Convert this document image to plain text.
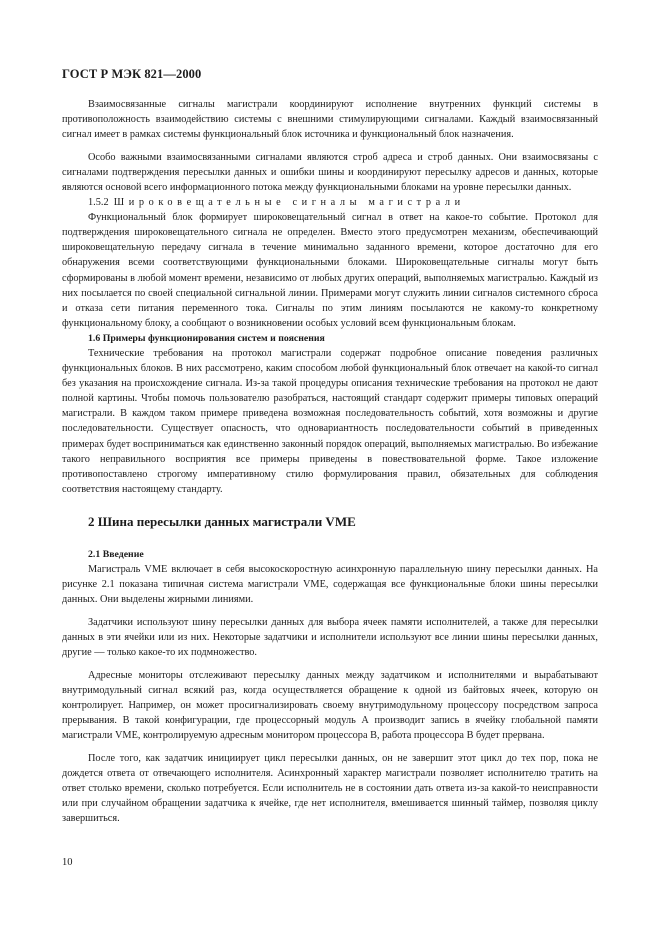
ГОСТ Р МЭК 821—2000

Взаимосвязанные сигналы магистрали координируют исполнение внутренних функций системы в противоположность взаимодействию системы с внешними стимулирующими сигналами. Каждый взаимосвязанный сигнал имеет в рамках системы функциональный блок источника и функциональный блок назначения.

Особо важными взаимосвязанными сигналами являются строб адреса и строб данных. Они взаимосвязаны с сигналами подтверждения пересылки данных и ошибки шины и координируют пересылку адресов и данных, которые являются основой всего информационного потока между функциональными блоками на уровне пересылки данных.

1.5.2 Широковещательные сигналы магистрали

Функциональный блок формирует широковещательный сигнал в ответ на какое-то событие. Протокол для подтверждения широковещательного сигнала не определен. Вместо этого предусмотрен механизм, обеспечивающий широковещательную передачу сигнала в течение минимально заданного времени, которое достаточно для его обнаружения всеми соответствующими функциональными блоками. Широковещательные сигналы могут быть сформированы в любой момент времени, независимо от любых других операций, выполняемых магистралью. Каждый из них посылается по своей специальной сигнальной линии. Примерами могут служить линии сигналов системного сброса и отказа сети питания переменного тока. Сигналы по этим линиям посылаются не какому-то конкретному функциональному блоку, а сообщают о возникновении особых условий всем функциональным блокам.

1.6 Примеры функционирования систем и пояснения

Технические требования на протокол магистрали содержат подробное описание поведения различных функциональных блоков. В них рассмотрено, каким способом любой функциональный блок отвечает на какой-то сигнал без указания на происхождение сигнала. Из-за такой процедуры описания технические требования на протокол не дают полной картины. Чтобы помочь пользователю разобраться, настоящий стандарт содержит примеры типовых операций магистрали. В каждом таком примере приведена возможная последовательность событий, хотя возможны и другие последовательности. Существует опасность, что одновариантность последовательности событий в приведенных примерах будет восприниматься как единственно законный порядок операций, выполняемых магистралью. Во избежание такого неправильного восприятия все примеры приведены в повествовательной форме. Такое изложение противопоставлено строгому императивному стилю формулирования правил, обязательных для соблюдения соответствия настоящему стандарту.

2 Шина пересылки данных магистрали VME

2.1 Введение

Магистраль VME включает в себя высокоскоростную асинхронную параллельную шину пересылки данных. На рисунке 2.1 показана типичная система магистрали VME, содержащая все функциональные блоки шины пересылки данных. Они выделены жирными линиями.

Задатчики используют шину пересылки данных для выбора ячеек памяти исполнителей, а также для пересылки данных в эти ячейки или из них. Некоторые задатчики и исполнители используют все линии шины пересылки данных, другие — только какое-то их подмножество.

Адресные мониторы отслеживают пересылку данных между задатчиком и исполнителями и вырабатывают внутримодульный сигнал всякий раз, когда осуществляется обращение к одной из байтовых ячеек, которую он контролирует. Например, он может просигнализировать своему внутримодульному процессору посредством запроса прерывания. В такой конфигурации, где процессорный модуль А производит запись в ячейку глобальной памяти магистрали VME, контролируемую адресным монитором процессора В, работа процессора В будет прервана.

После того, как задатчик инициирует цикл пересылки данных, он не завершит этот цикл до тех пор, пока не дождется ответа от отвечающего исполнителя. Асинхронный характер магистрали позволяет исполнителю тратить на ответ столько времени, сколько потребуется. Если исполнитель не в состоянии дать ответа из-за какой-то неисправности или при случайном обращении задатчика к ячейке, где нет исполнителя, вмешивается шинный таймер, позволяя циклу завершиться.

10
